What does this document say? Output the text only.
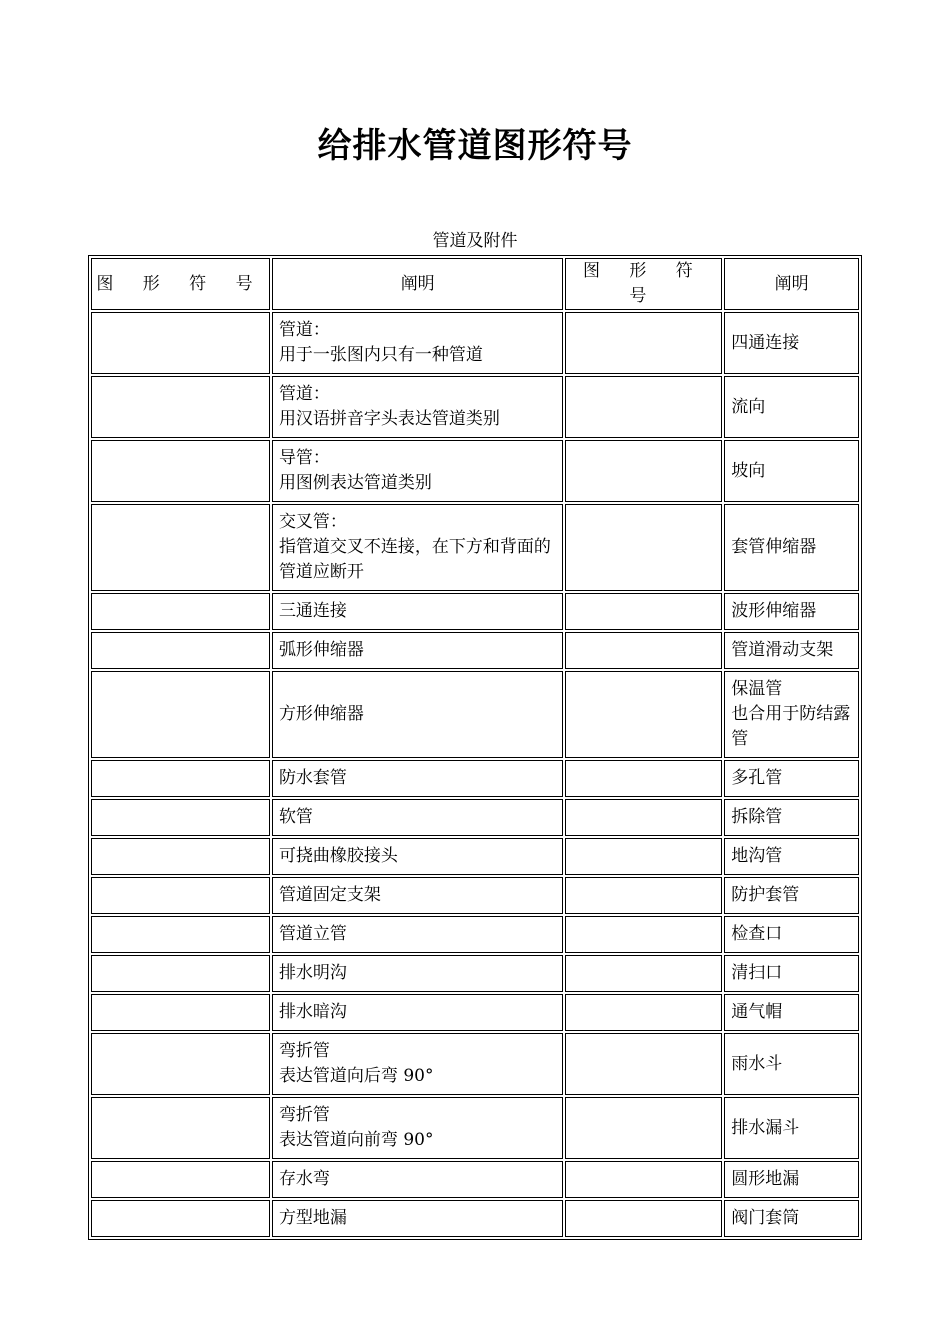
给排水管道图形符号
管道及附件
图 形 符 号	阐明	图 形 符 号	阐明

	管道：
用于一张图内只有一种管道		四通连接

	管道：
用汉语拼音字头表达管道类别		流向

	导管：
用图例表达管道类别		坡向

	交叉管：
指管道交叉不连接，在下方和背面的管道应断开		套管伸缩器

	三通连接		波形伸缩器

	弧形伸缩器		管道滑动支架

	方形伸缩器		保温管
也合用于防结露管

	防水套管		多孔管

	软管		拆除管

	可挠曲橡胶接头		地沟管

	管道固定支架		防护套管

	管道立管		检查口

	排水明沟		清扫口

	排水暗沟		通气帽

	弯折管
表达管道向后弯 90°		雨水斗

	弯折管
表达管道向前弯 90°		排水漏斗

	存水弯		圆形地漏

	方型地漏		阀门套筒
